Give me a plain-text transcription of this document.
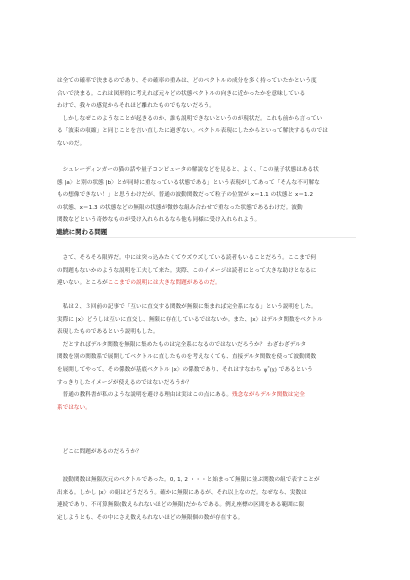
は全ての確率で決まるのであり、その確率の重みは、どのベクトルの成分を多く持っていたかという度
合いで決まる。これは図形的に考えれば元々どの状態ベクトルの向きに近かったかを意味している
わけで、我々の感覚からそれほど離れたものでもないだろう。
　しかしなぜこのようなことが起きるのか、誰も説明できないというのが現状だ。これも前から言ってい
る「波束の収縮」と同じことを言い直したに過ぎない。ベクトル表現にしたからといって解決するものでは
ないのだ。

　シュレーディンガーの猫の話や量子コンピュータの解説などを見ると、よく、「この量子状態はある状
態 |a〉と別の状態 |b〉とが同時に重なっている状態である」という表現がしてあって「そんな不可解な
もの想像できない！」と思うわけだが、普通の波動関数だって粒子の位置が x＝1.1 の状態と x＝1.2
の状態、x＝1.3 の状態などの無限の状態が微妙な組み合わせで重なった状態であるわけだ。波動
関数などという奇妙なものが受け入れられるなら他も同様に受け入れられよう。

連続に関わる問題

　さて、そろそろ限界だ。中には突っ込みたくてウズウズしている読者もいることだろう。ここまで何
の問題もないかのような説明を工夫して来た。実際、このイメージは読者にとって大きな助けとなるに
違いない。ところがここまでの説明には大きな問題があるのだ。

　私は２、３回前の記事で「互いに直交する関数が無限に集まれば完全系になる」という説明をした。
実際に |x〉どうしは互いに直交し、無限に存在しているではないか。また、|x〉はデルタ関数をベクトル
表現したものであるという説明もした。
　だとすればデルタ関数を無限に集めたものは完全系になるのではないだろうか？ わざわざデルタ
関数を別の関数系で展開してベクトルに直したものを考えなくても、直接デルタ関数を使って波動関数
を展開してやって、その係数が基底ベクトル |x〉の係数であり、それはすなわち ψ*(x) であるという
すっきりしたイメージが使えるのではないだろうか？
　普通の教科書が私のような説明を避ける理由は実はこの点にある。残念ながらデルタ関数は完全
系ではない。

　どこに問題があるのだろうか？

　波動関数は無限次元のベクトルであった。0, 1, 2 ・・・と始まって無限に並ぶ関数の組で表すことが
出来る。しかし |x〉の組はどうだろう。確かに無限にあるが、それ以上なのだ。なぜなら、実数は
連続であり、不可算無限(数えられないほどの無限)だからである。例え座標の区間をある範囲に限
定しようとも、その中にさえ数えられないほどの無限個の数が存在する。
